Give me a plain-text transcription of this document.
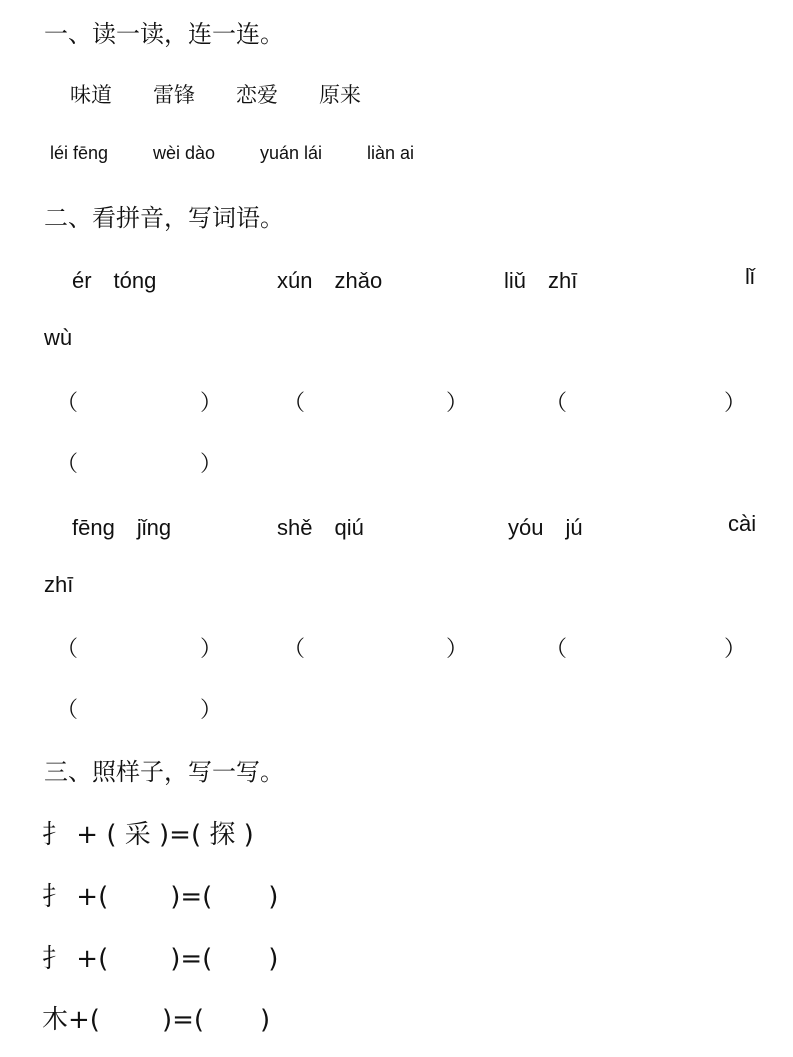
一、读一读，连一连。
味道 雷锋 恋爱 原来
léi fēng wèi dào yuán lái liàn ai
二、看拼音，写词语。
ér　tóng	xún　zhǎo	liǔ　zhī	lǐ
wù
（	）	（	）	（	）
（	）
fēng　jǐng	shě　qiú	yóu　jú	cài
zhī
（	）	（	）	（	）
（	）
三、照样子，写一写。
扌 + ( 采 )=( 探 )
扌 +( )=( )
扌 +( )=( )
木+( )=( )
